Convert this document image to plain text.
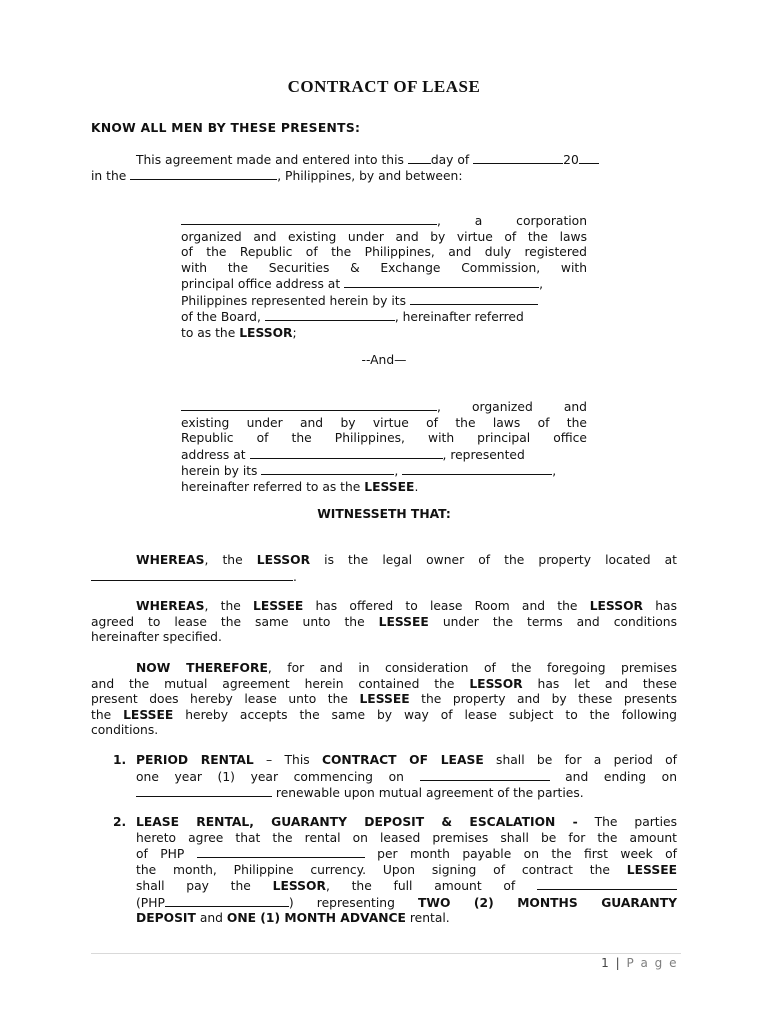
CONTRACT OF LEASE
KNOW ALL MEN BY THESE PRESENTS:
This agreement made and entered into this day of	20
in the	, Philippines, by and between:
, a corporation
organized and existing under and by virtue of the laws
of the Republic of the Philippines, and duly registered
with the Securities & Exchange Commission, with
principal office address at	,
Philippines represented herein by its
of the Board,	, hereinafter referred
to as the LESSOR;
--And—
, organized and
existing under and by virtue of the laws of the
Republic of the Philippines, with principal office
address at	, represented
herein by its	,	,
hereinafter referred to as the LESSEE.
WITNESSETH THAT:
WHEREAS, the LESSOR is the legal owner of the property located at
.
WHEREAS, the LESSEE has offered to lease Room and the LESSOR has
agreed to lease the same unto the LESSEE under the terms and conditions
hereinafter specified.
NOW THEREFORE, for and in consideration of the foregoing premises
and the mutual agreement herein contained the LESSOR has let and these
present does hereby lease unto the LESSEE the property and by these presents
the LESSEE hereby accepts the same by way of lease subject to the following
conditions.
1. PERIOD RENTAL – This CONTRACT OF LEASE shall be for a period of
one year (1) year commencing on	and ending on
renewable upon mutual agreement of the parties.
2. LEASE RENTAL, GUARANTY DEPOSIT & ESCALATION - The parties
hereto agree that the rental on leased premises shall be for the amount
of PHP	per month payable on the first week of
the month, Philippine currency. Upon signing of contract the LESSEE
shall pay the LESSOR, the full amount of
(PHP	) representing TWO (2) MONTHS GUARANTY
DEPOSIT and ONE (1) MONTH ADVANCE rental.
1 | P a g e
